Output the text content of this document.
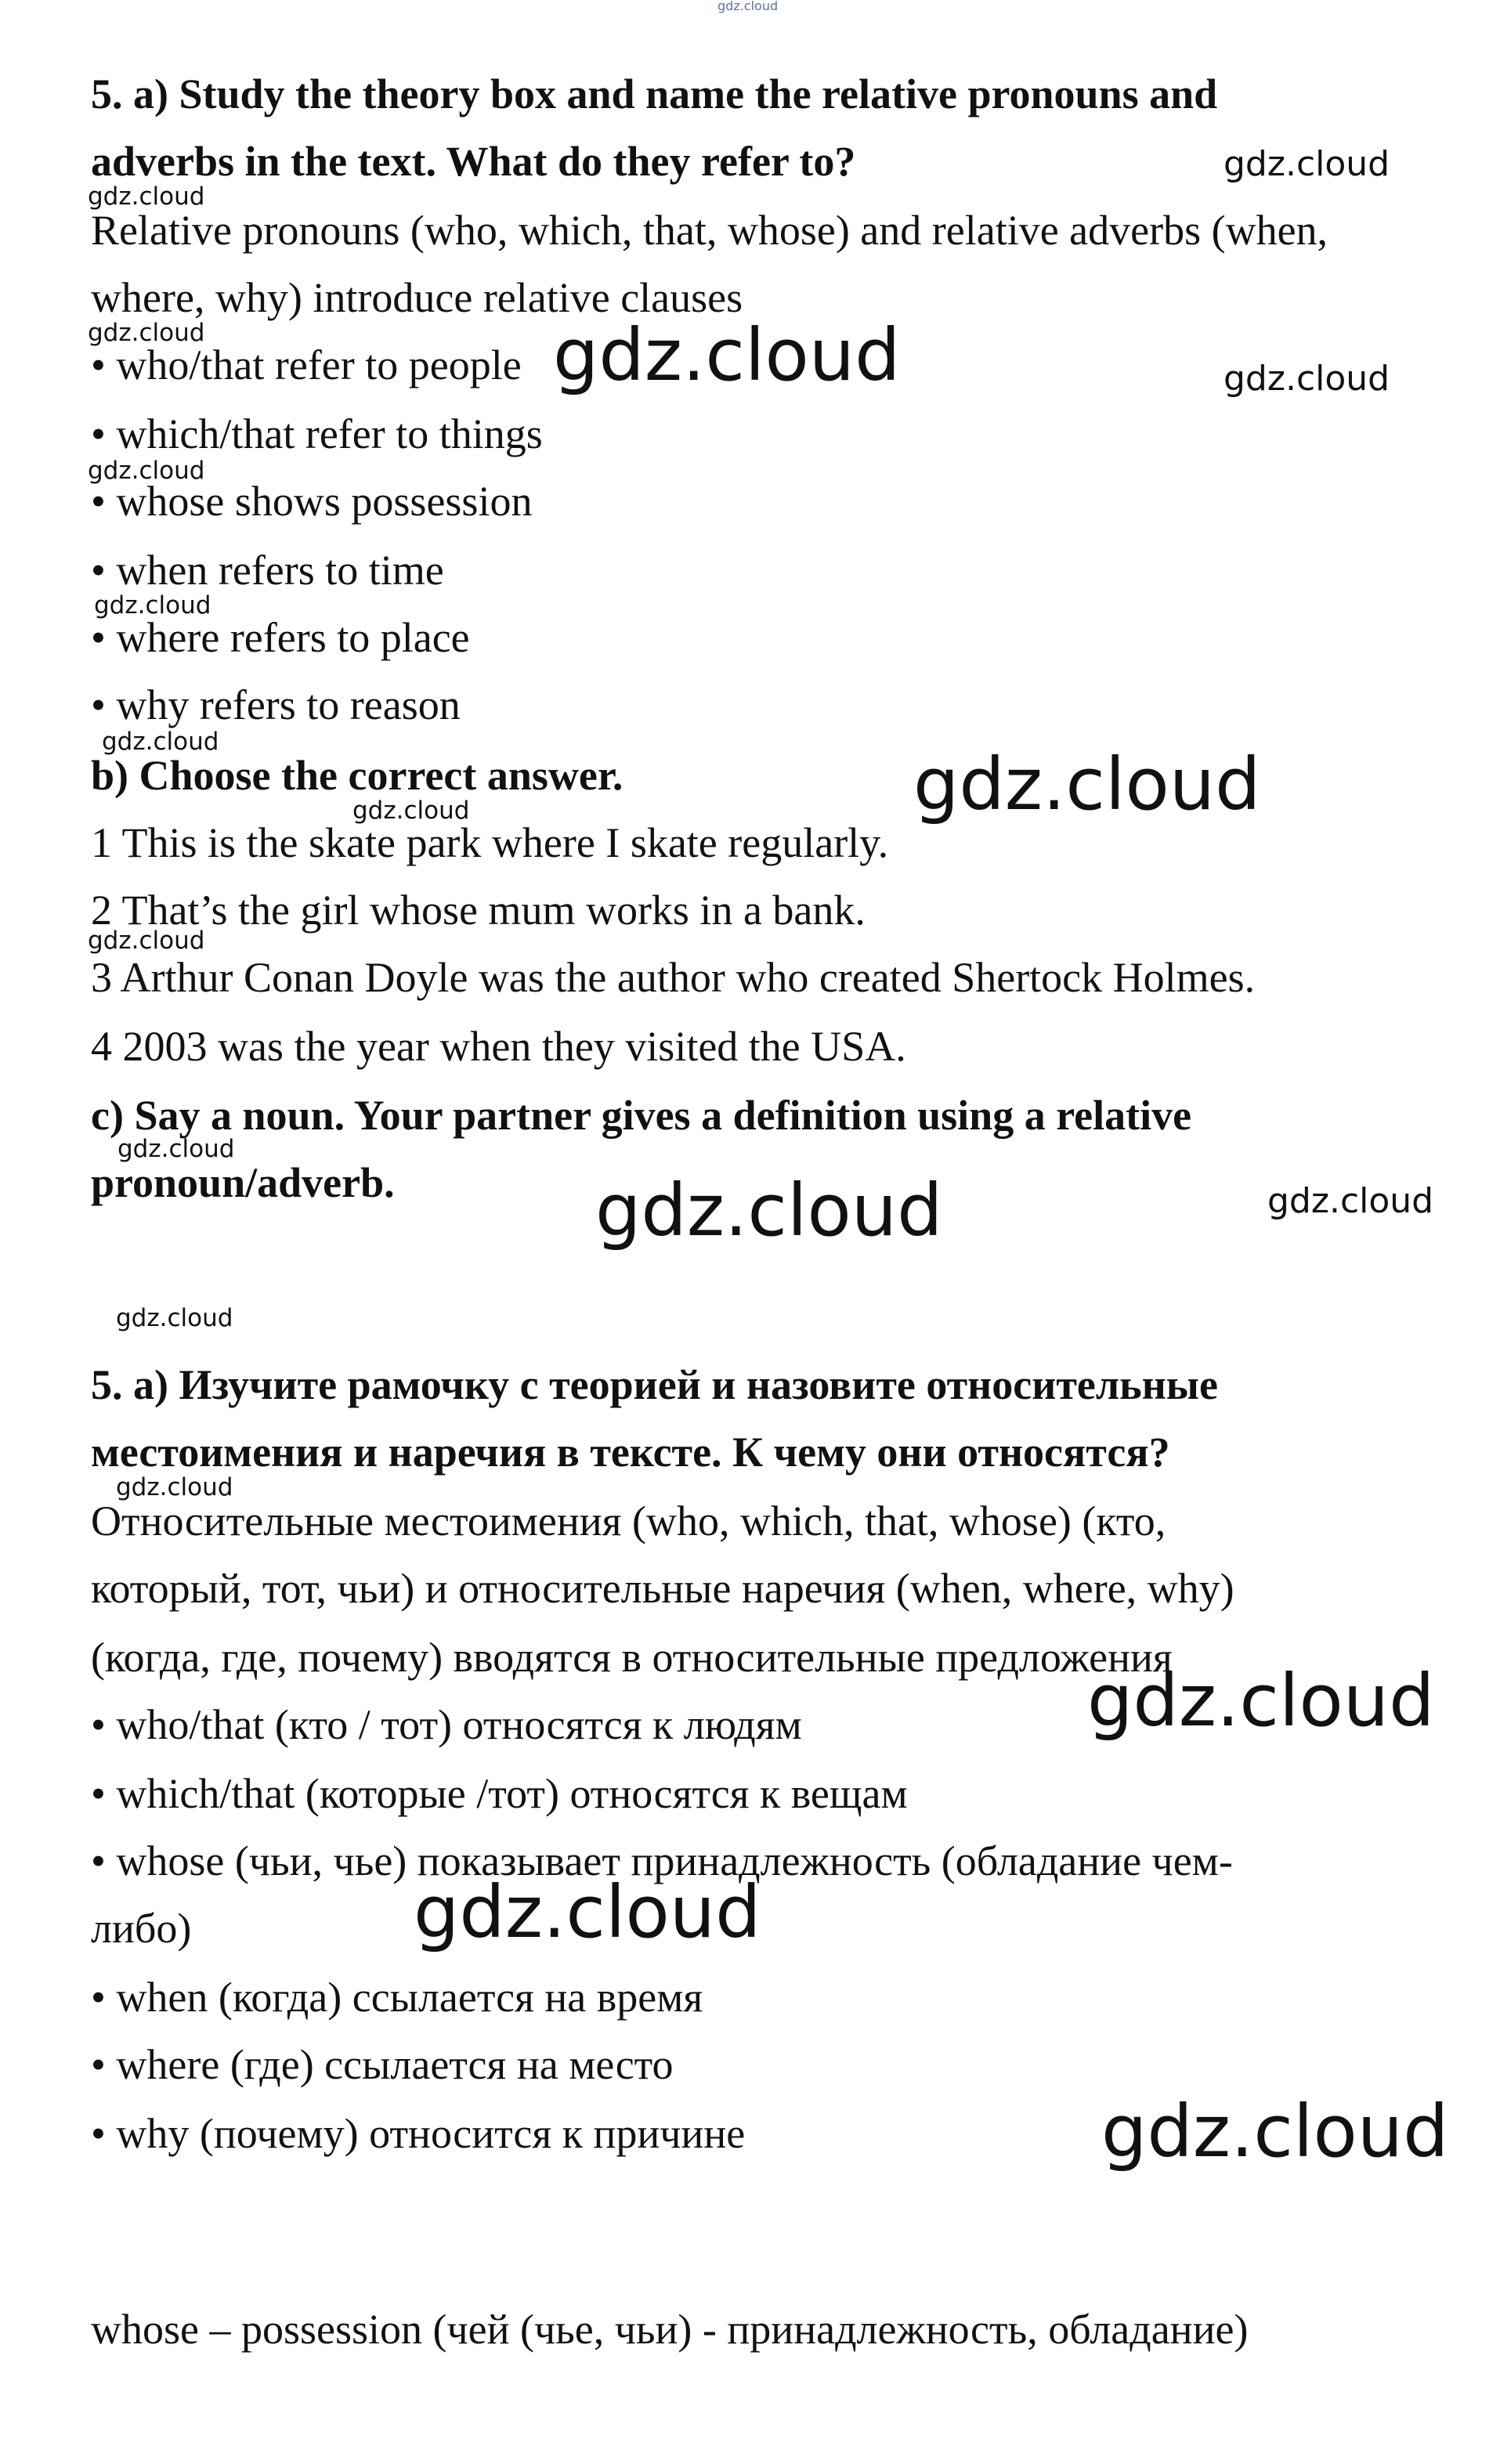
gdz.cloud

5. a) Study the theory box and name the relative pronouns and

adverbs in the text. What do they refer to?

Relative pronouns (who, which, that, whose) and relative adverbs (when,

where, why) introduce relative clauses

• who/that refer to people

• which/that refer to things

• whose shows possession

• when refers to time

• where refers to place

• why refers to reason

b) Choose the correct answer.

1 This is the skate park where I skate regularly.

2 That’s the girl whose mum works in a bank.

3 Arthur Conan Doyle was the author who created Shertock Holmes.

4 2003 was the year when they visited the USA.

c) Say a noun. Your partner gives a definition using a relative

pronoun/adverb.

5. a) Изучите рамочку с теорией и назовите относительные

местоимения и наречия в тексте. К чему они относятся?

Относительные местоимения (who, which, that, whose) (кто,

который, тот, чьи) и относительные наречия (when, where, why)

(когда, где, почему) вводятся в относительные предложения

• who/that (кто / тот) относятся к людям

• which/that (которые /тот) относятся к вещам

• whose (чьи, чье) показывает принадлежность (обладание чем-

либо)

• when (когда) ссылается на время

• where (где) ссылается на место

• why (почему) относится к причине

whose – possession (чей (чье, чьи) - принадлежность, обладание)

gdz.cloud
gdz.cloud
gdz.cloud	gdz.cloud	gdz.cloud
gdz.cloud
gdz.cloud
gdz.cloud
gdz.cloud
gdz.cloud
gdz.cloud
gdz.cloud
gdz.cloud	gdz.cloud
gdz.cloud
gdz.cloud
gdz.cloud
gdz.cloud
gdz.cloud
